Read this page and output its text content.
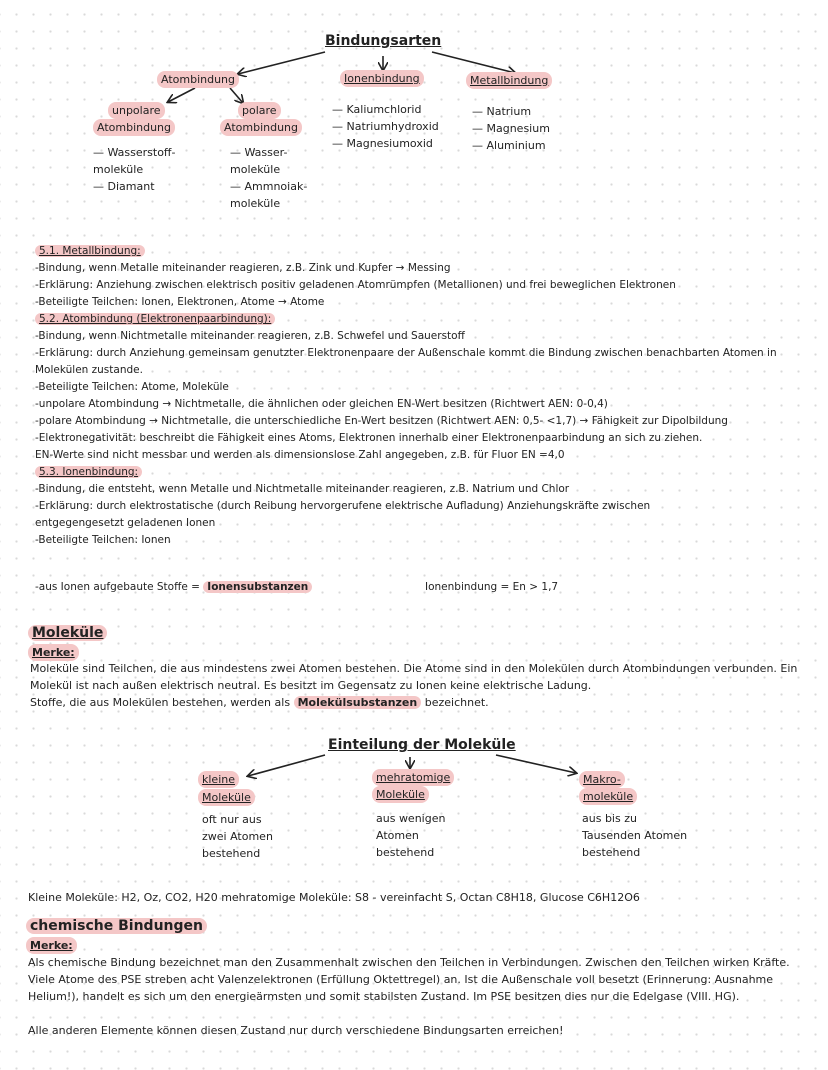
Bindungsarten
Atombindung	Ionenbindung	Metallbindung
unpolare
Atombindung
polare
Atombindung
— Wasserstoff-
moleküle
— Diamant
— Wasser-
moleküle
— Ammnoiak-
moleküle
— Kaliumchlorid
— Natriumhydroxid
— Magnesiumoxid
— Natrium
— Magnesium
— Aluminium
5.1. Metallbindung:
-Bindung, wenn Metalle miteinander reagieren, z.B. Zink und Kupfer → Messing
-Erklärung: Anziehung zwischen elektrisch positiv geladenen Atomrümpfen (Metallionen) und frei beweglichen Elektronen
-Beteiligte Teilchen: Ionen, Elektronen, Atome → Atome
5.2. Atombindung (Elektronenpaarbindung):
-Bindung, wenn Nichtmetalle miteinander reagieren, z.B. Schwefel und Sauerstoff
-Erklärung: durch Anziehung gemeinsam genutzter Elektronenpaare der Außenschale kommt die Bindung zwischen benachbarten Atomen in Molekülen zustande.
-Beteiligte Teilchen: Atome, Moleküle
-unpolare Atombindung → Nichtmetalle, die ähnlichen oder gleichen EN-Wert besitzen (Richtwert AEN: 0-0,4)
-polare Atombindung → Nichtmetalle, die unterschiedliche En-Wert besitzen (Richtwert AEN: 0,5- <1,7) → Fähigkeit zur Dipolbildung
-Elektronegativität: beschreibt die Fähigkeit eines Atoms, Elektronen innerhalb einer Elektronenpaarbindung an sich zu ziehen.
EN-Werte sind nicht messbar und werden als dimensionslose Zahl angegeben, z.B. für Fluor EN =4,0
5.3. Ionenbindung:
-Bindung, die entsteht, wenn Metalle und Nichtmetalle miteinander reagieren, z.B. Natrium und Chlor
-Erklärung: durch elektrostatische (durch Reibung hervorgerufene elektrische Aufladung) Anziehungskräfte zwischen entgegengesetzt geladenen Ionen
-Beteiligte Teilchen: Ionen
-aus Ionen aufgebaute Stoffe = Ionensubstanzen	Ionenbindung = En > 1,7
Moleküle
Merke:
Moleküle sind Teilchen, die aus mindestens zwei Atomen bestehen. Die Atome sind in den Molekülen durch Atombindungen verbunden. Ein Molekül ist nach außen elektrisch neutral. Es besitzt im Gegensatz zu Ionen keine elektrische Ladung.
Stoffe, die aus Molekülen bestehen, werden als Molekülsubstanzen bezeichnet.
Einteilung der Moleküle
kleine
Moleküle
mehratomige
Moleküle
Makro-
moleküle
oft nur aus
zwei Atomen
bestehend
aus wenigen
Atomen
bestehend
aus bis zu
Tausenden Atomen
bestehend
Kleine Moleküle: H2, Oz, CO2, H20 mehratomige Moleküle: S8 - vereinfacht S, Octan C8H18, Glucose C6H12O6
chemische Bindungen
Merke:
Als chemische Bindung bezeichnet man den Zusammenhalt zwischen den Teilchen in Verbindungen. Zwischen den Teilchen wirken Kräfte. Viele Atome des PSE streben acht Valenzelektronen (Erfüllung Oktettregel) an. Ist die Außenschale voll besetzt (Erinnerung: Ausnahme Helium!), handelt es sich um den energieärmsten und somit stabilsten Zustand. Im PSE besitzen dies nur die Edelgase (VIII. HG).
Alle anderen Elemente können diesen Zustand nur durch verschiedene Bindungsarten erreichen!
